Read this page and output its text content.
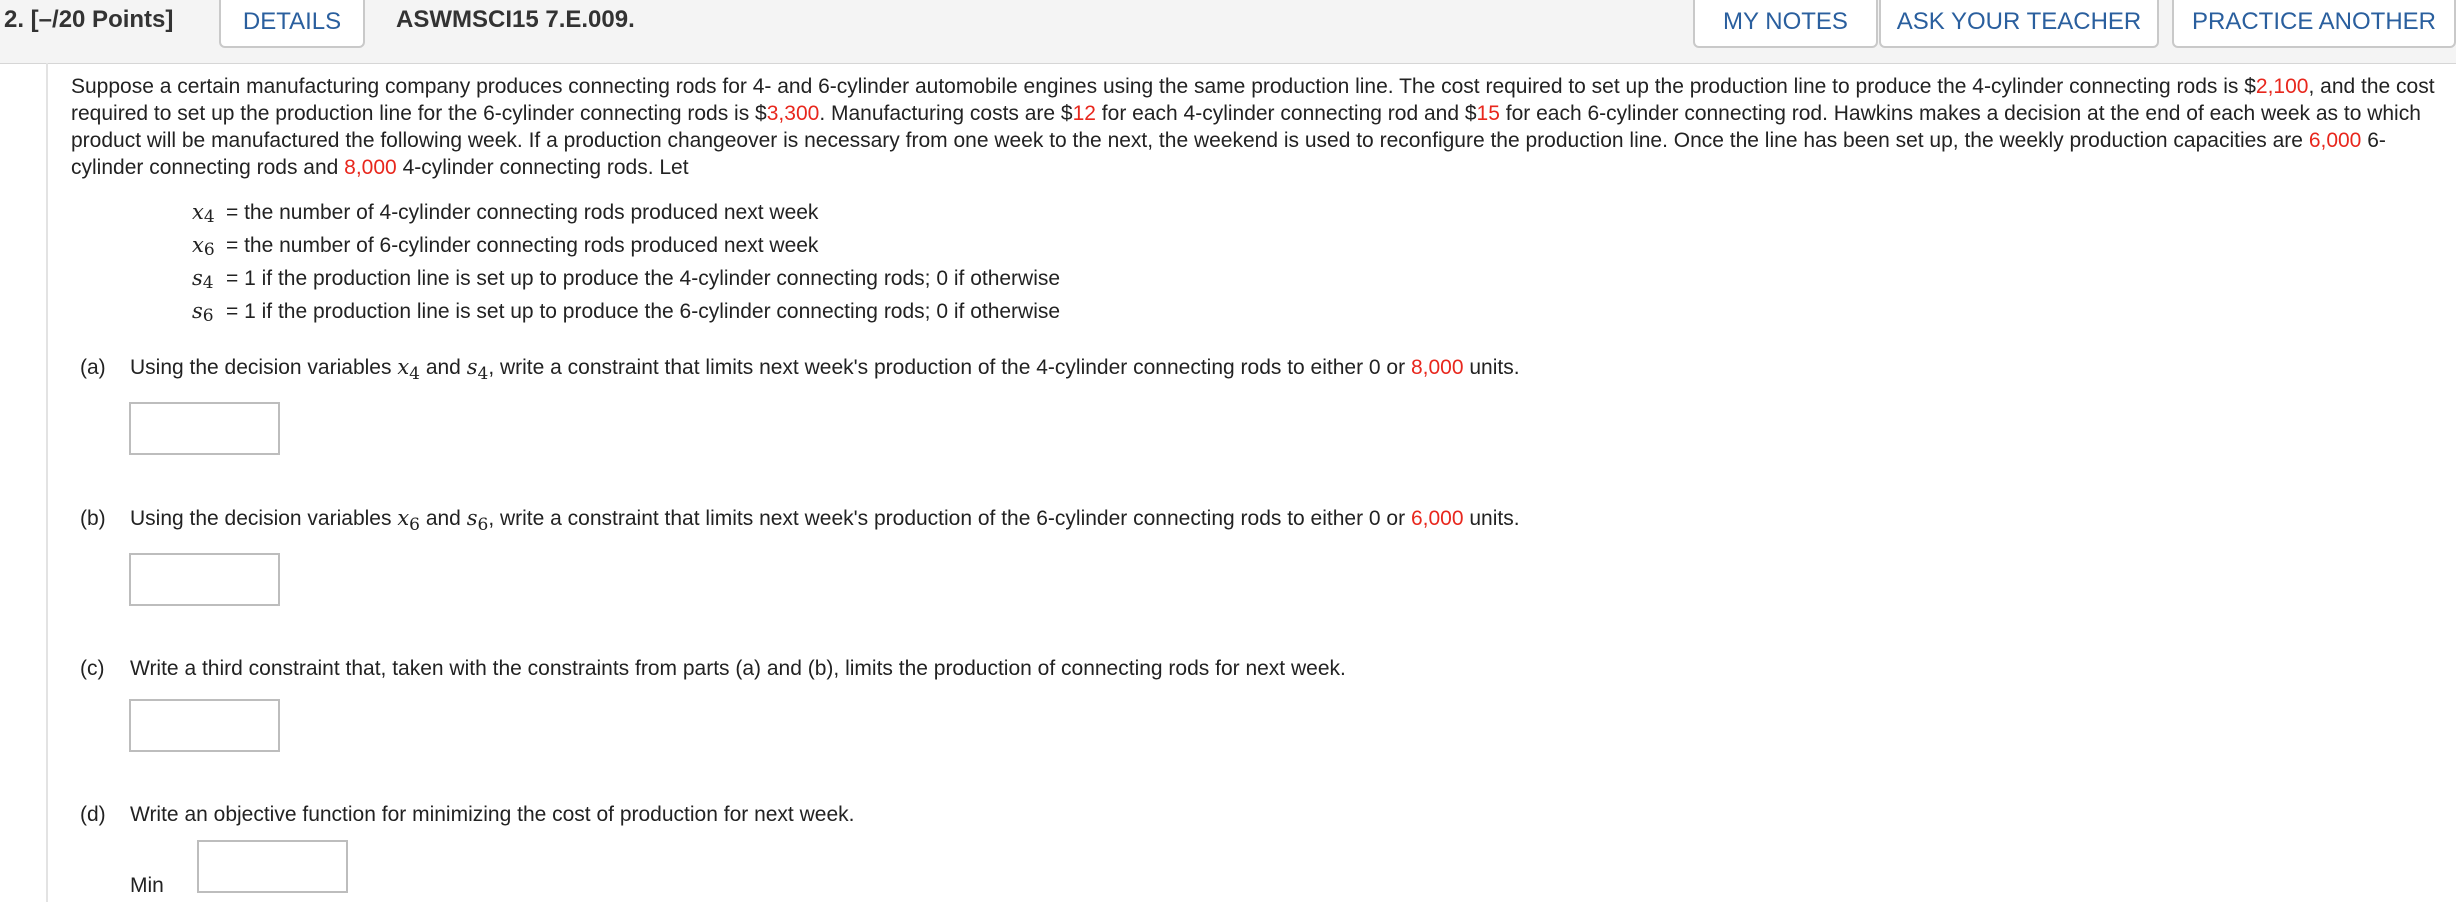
2. [–/20 Points]	DETAILS	ASWMSCI15 7.E.009.	MY NOTES	ASK YOUR TEACHER	PRACTICE ANOTHER
Suppose a certain manufacturing company produces connecting rods for 4- and 6-cylinder automobile engines using the same production line. The cost required to set up the production line to produce the 4-cylinder connecting rods is $2,100, and the cost required to set up the production line for the 6-cylinder connecting rods is $3,300. Manufacturing costs are $12 for each 4-cylinder connecting rod and $15 for each 6-cylinder connecting rod. Hawkins makes a decision at the end of each week as to which product will be manufactured the following week. If a production changeover is necessary from one week to the next, the weekend is used to reconfigure the production line. Once the line has been set up, the weekly production capacities are 6,000 6-cylinder connecting rods and 8,000 4-cylinder connecting rods. Let
$x_4$ = the number of 4-cylinder connecting rods produced next week
$x_6$ = the number of 6-cylinder connecting rods produced next week
$s_4 = 1$ if the production line is set up to produce the 4-cylinder connecting rods; 0 if otherwise
$s_6 = 1$ if the production line is set up to produce the 6-cylinder connecting rods; 0 if otherwise
(a) Using the decision variables $x_4$ and $s_4$, write a constraint that limits next week's production of the 4-cylinder connecting rods to either 0 or 8,000 units.
(b) Using the decision variables $x_6$ and $s_6$, write a constraint that limits next week's production of the 6-cylinder connecting rods to either 0 or 6,000 units.
(c) Write a third constraint that, taken with the constraints from parts (a) and (b), limits the production of connecting rods for next week.
(d) Write an objective function for minimizing the cost of production for next week.
Min
